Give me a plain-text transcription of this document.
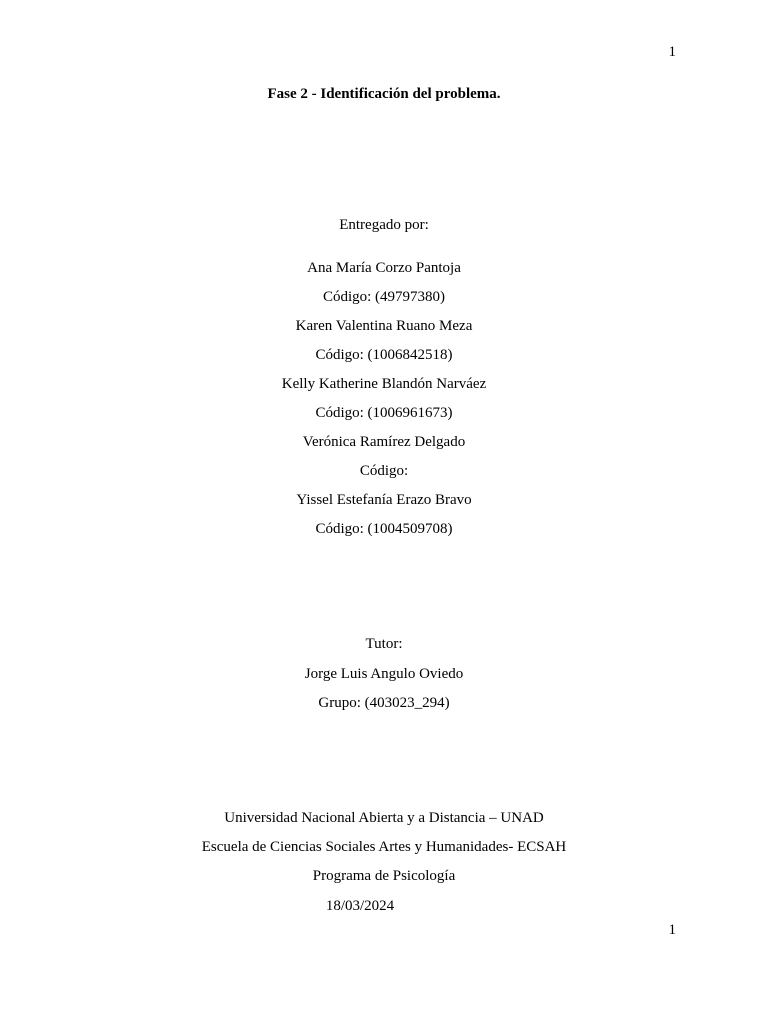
1
Fase 2 - Identificación del problema.
Entregado por:
Ana María Corzo Pantoja
Código: (49797380)
Karen Valentina Ruano Meza
Código: (1006842518)
Kelly Katherine Blandón Narváez
Código: (1006961673)
Verónica Ramírez Delgado
Código:
Yissel Estefanía Erazo Bravo
Código: (1004509708)
Tutor:
Jorge Luis Angulo Oviedo
Grupo: (403023_294)
Universidad Nacional Abierta y a Distancia – UNAD
Escuela de Ciencias Sociales Artes y Humanidades- ECSAH
Programa de Psicología
18/03/2024
1
